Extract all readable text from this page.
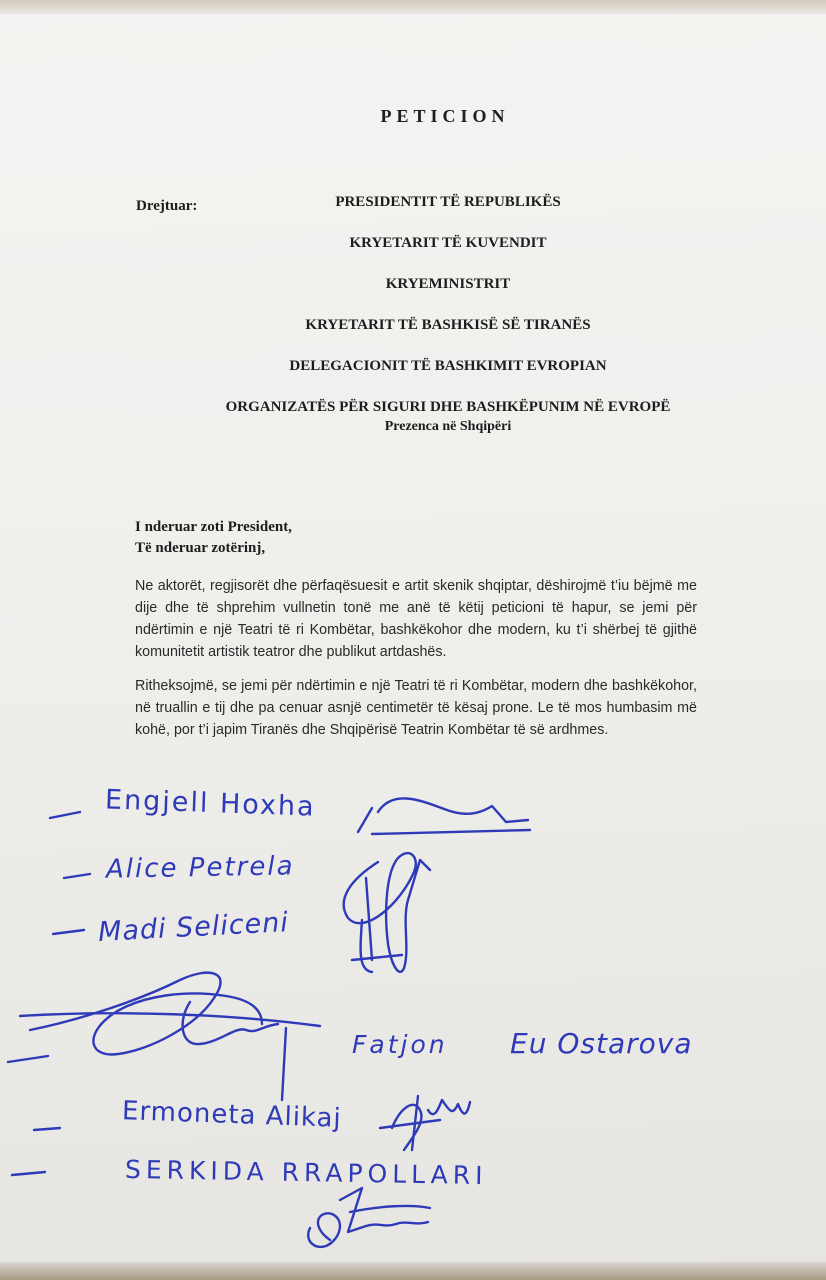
PETICION
Drejtuar:	PRESIDENTIT TË REPUBLIKËS
KRYETARIT TË KUVENDIT
KRYEMINISTRIT
KRYETARIT TË BASHKISË SË TIRANËS
DELEGACIONIT TË BASHKIMIT EVROPIAN
ORGANIZATËS PËR SIGURI DHE BASHKËPUNIM NË EVROPË
Prezenca në Shqipëri
I nderuar zoti President,
Të nderuar zotërinj,
Ne aktorët, regjisorët dhe përfaqësuesit e artit skenik shqiptar, dëshirojmë t’iu bëjmë me dije dhe të shprehim vullnetin tonë me anë të këtij peticioni të hapur, se jemi për ndërtimin e një Teatri të ri Kombëtar, bashkëkohor dhe modern, ku t’i shërbej të gjithë komunitetit artistik teatror dhe publikut artdashës.
Ritheksojmë, se jemi për ndërtimin e një Teatri të ri Kombëtar, modern dhe bashkëkohor, në truallin e tij dhe pa cenuar asnjë centimetër të kësaj prone. Le të mos humbasim më kohë, por t’i japim Tiranës dhe Shqipërisë Teatrin Kombëtar të së ardhmes.
Engjell Hoxha
Alice Petrela
Madi Seliceni
Fatjon Eu Ostarova
Ermoneta Alikaj
SERKIDA RRAPOLLARI
